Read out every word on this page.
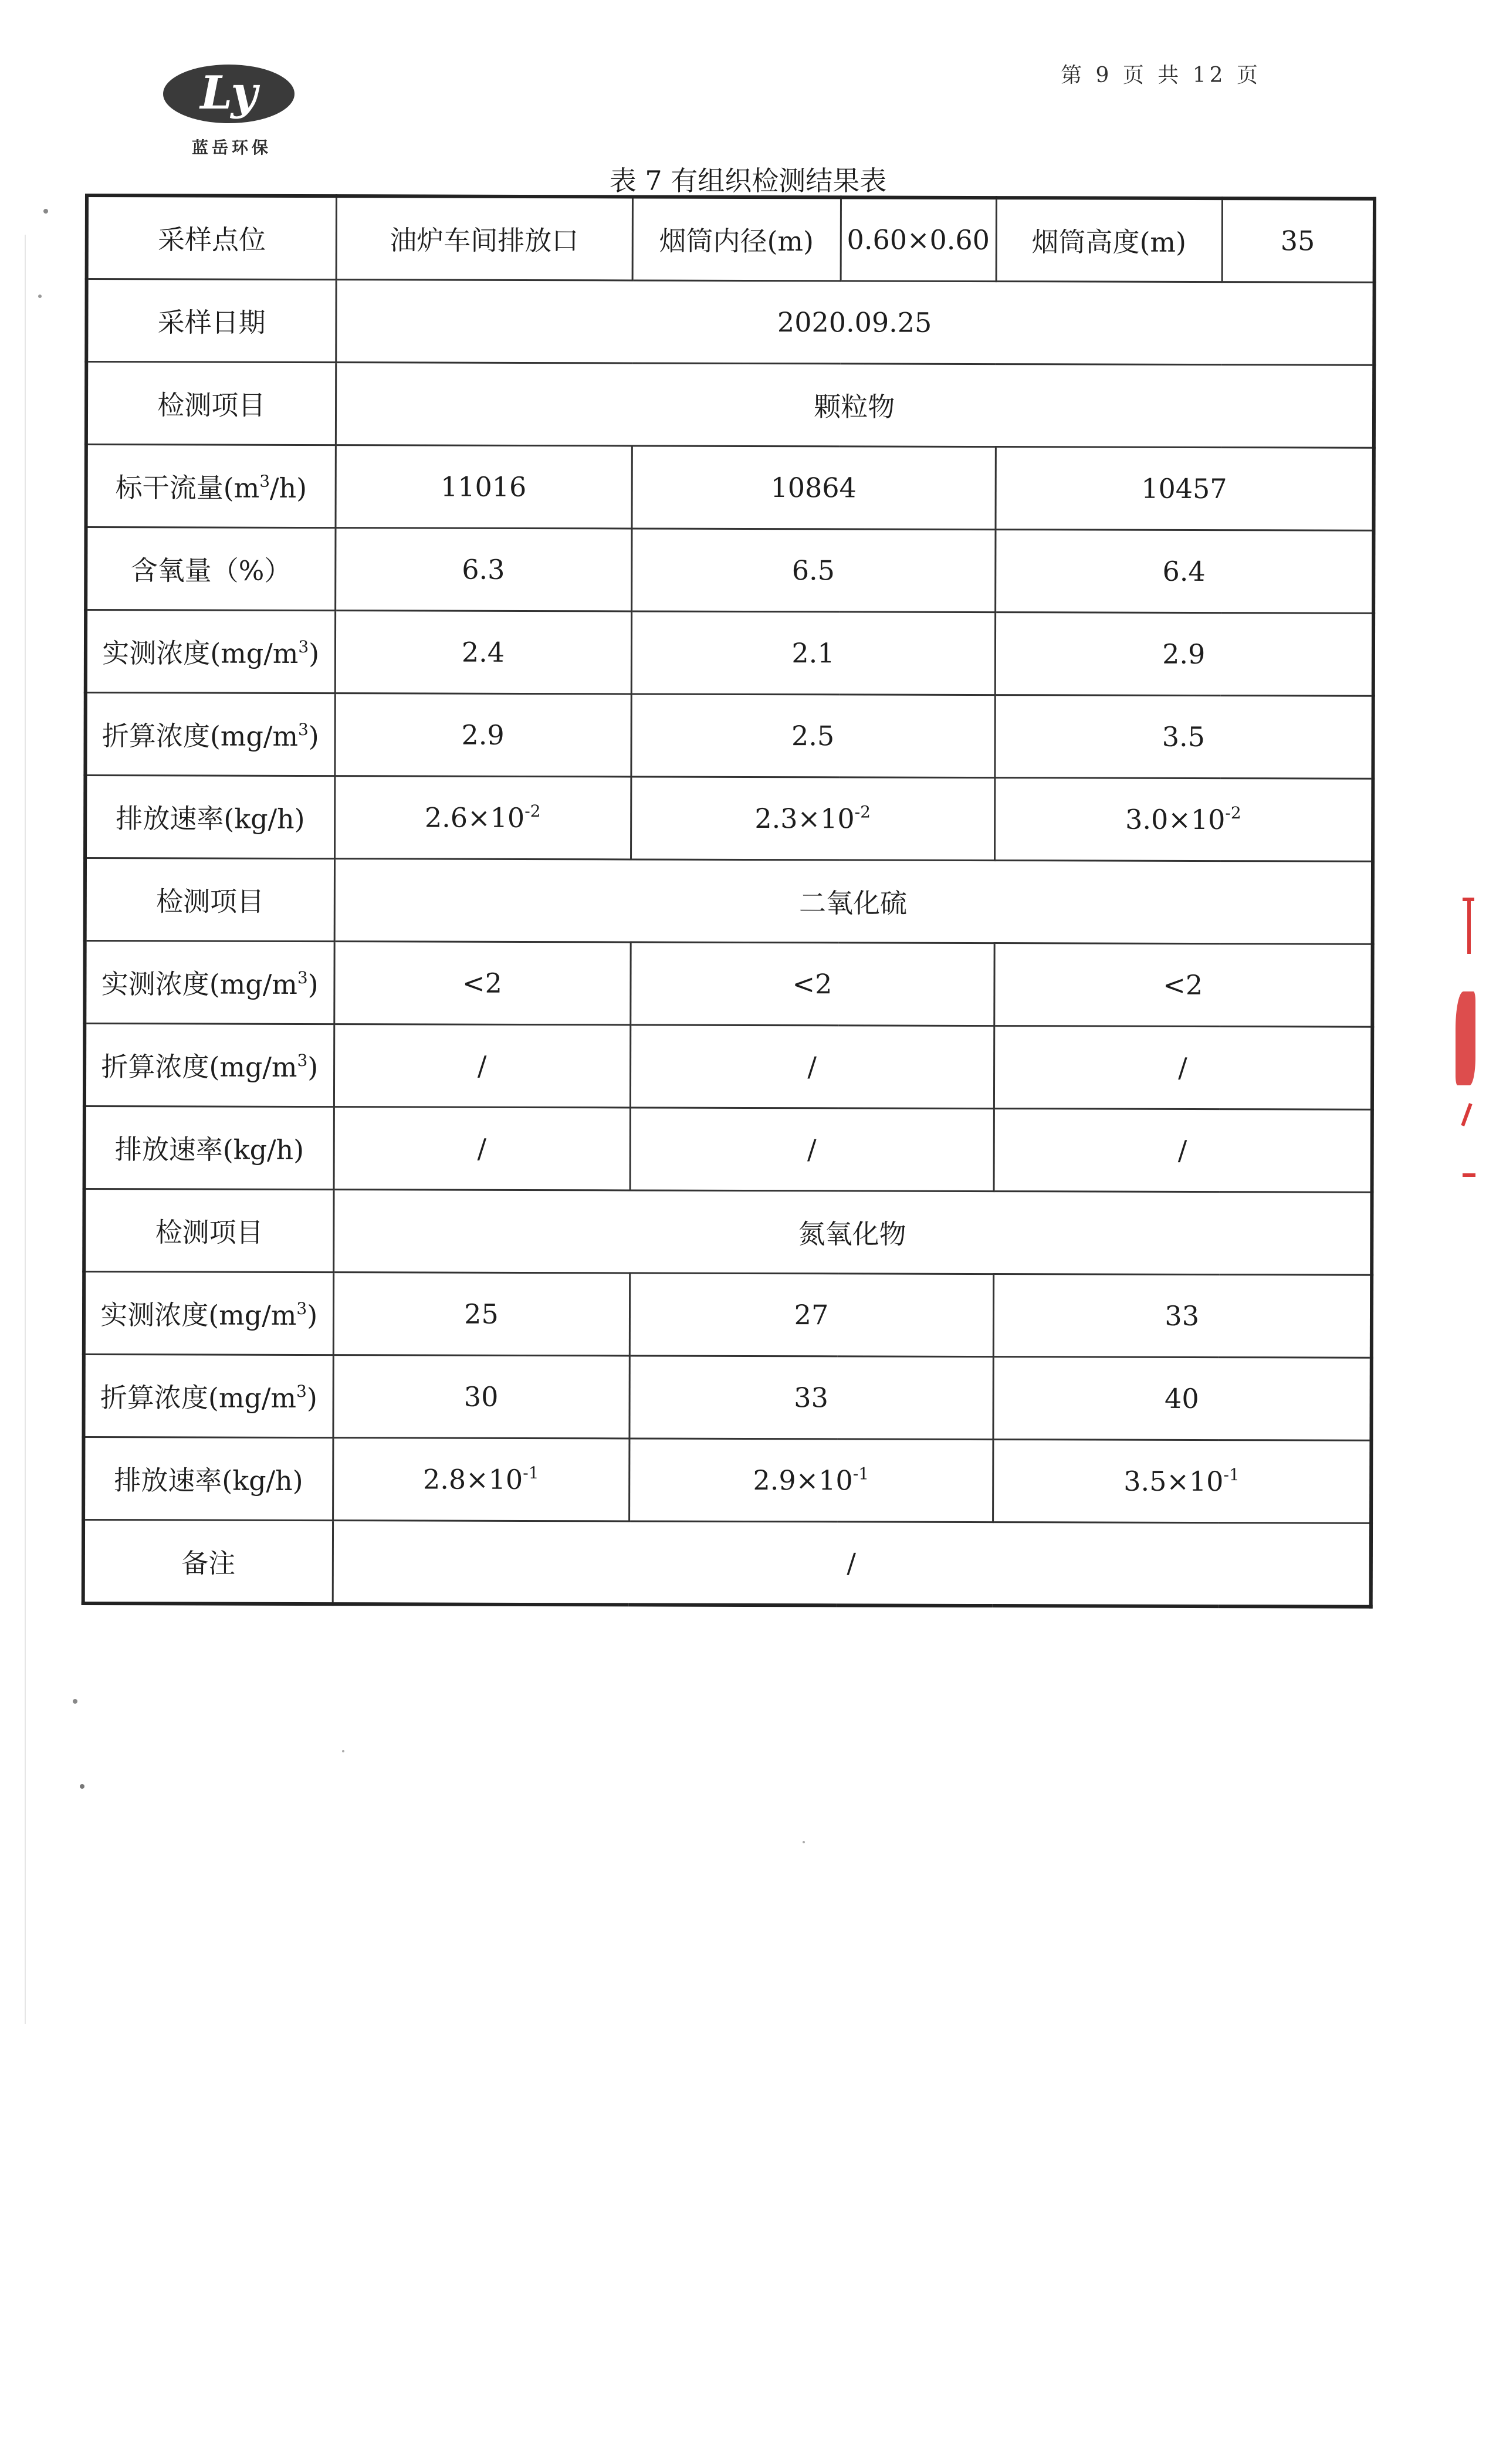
Ly
蓝岳环保
第 9 页 共 12 页
表 7 有组织检测结果表
采样点位	油炉车间排放口	烟筒内径(m)	0.60×0.60	烟筒高度(m)	35
采样日期	2020.09.25				
检测项目	颗粒物				
标干流量$(m^3/h)$	11016	10864		10457	
含氧量（%）	6.3	6.5		6.4	
实测浓度$(mg/m^3)$	2.4	2.1		2.9	
折算浓度$(mg/m^3)$	2.9	2.5		3.5	
排放速率(kg/h)	$2.6\times 10^{-2}$	$2.3\times 10^{-2}$		$3.0\times 10^{-2}$
检测项目	二氧化硫				
实测浓度$(mg/m^3)$	<2	<2		<2	
折算浓度$(mg/m^3)$	/	/		/	
排放速率(kg/h)	/	/		/	
检测项目	氮氧化物				
实测浓度$(mg/m^3)$	25	27		33	
折算浓度$(mg/m^3)$	30	33		40	
排放速率(kg/h)	$2.8\times 10^{-1}$	$2.9\times 10^{-1}$		$3.5\times 10^{-1}$
备注	/				
